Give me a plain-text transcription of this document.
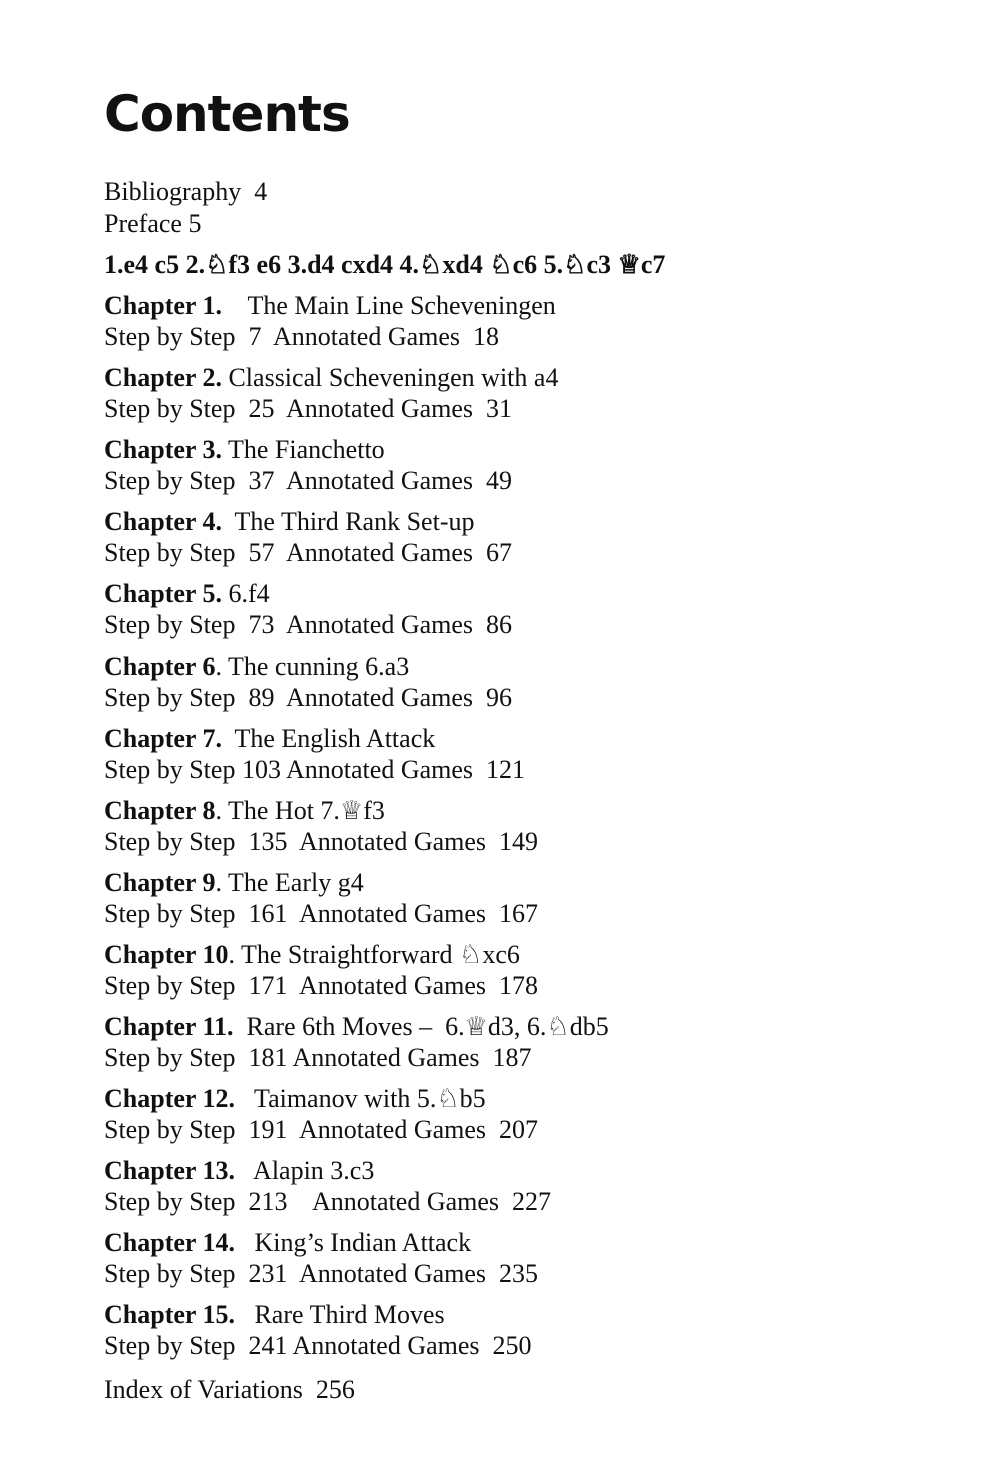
Contents
Bibliography 4
Preface 5
1.e4 c5 2.♘f3 e6 3.d4 cxd4 4.♘xd4 ♘c6 5.♘c3 ♕c7
Chapter 1. The Main Line Scheveningen
Step by Step  7  Annotated Games  18
Chapter 2. Classical Scheveningen with a4
Step by Step  25  Annotated Games  31
Chapter 3. The Fianchetto
Step by Step  37  Annotated Games  49
Chapter 4. The Third Rank Set-up
Step by Step  57  Annotated Games  67
Chapter 5. 6.f4
Step by Step  73  Annotated Games  86
Chapter 6. The cunning 6.a3
Step by Step  89  Annotated Games  96
Chapter 7. The English Attack
Step by Step 103 Annotated Games  121
Chapter 8. The Hot 7.♕f3
Step by Step  135  Annotated Games  149
Chapter 9. The Early g4
Step by Step  161  Annotated Games  167
Chapter 10. The Straightforward ♘xc6
Step by Step  171  Annotated Games  178
Chapter 11. Rare 6th Moves –  6.♕d3, 6.♘db5
Step by Step  181 Annotated Games  187
Chapter 12. Taimanov with 5.♘b5
Step by Step  191  Annotated Games  207
Chapter 13. Alapin 3.c3
Step by Step  213    Annotated Games  227
Chapter 14. King’s Indian Attack
Step by Step  231  Annotated Games  235
Chapter 15. Rare Third Moves
Step by Step  241 Annotated Games  250
Index of Variations 256
